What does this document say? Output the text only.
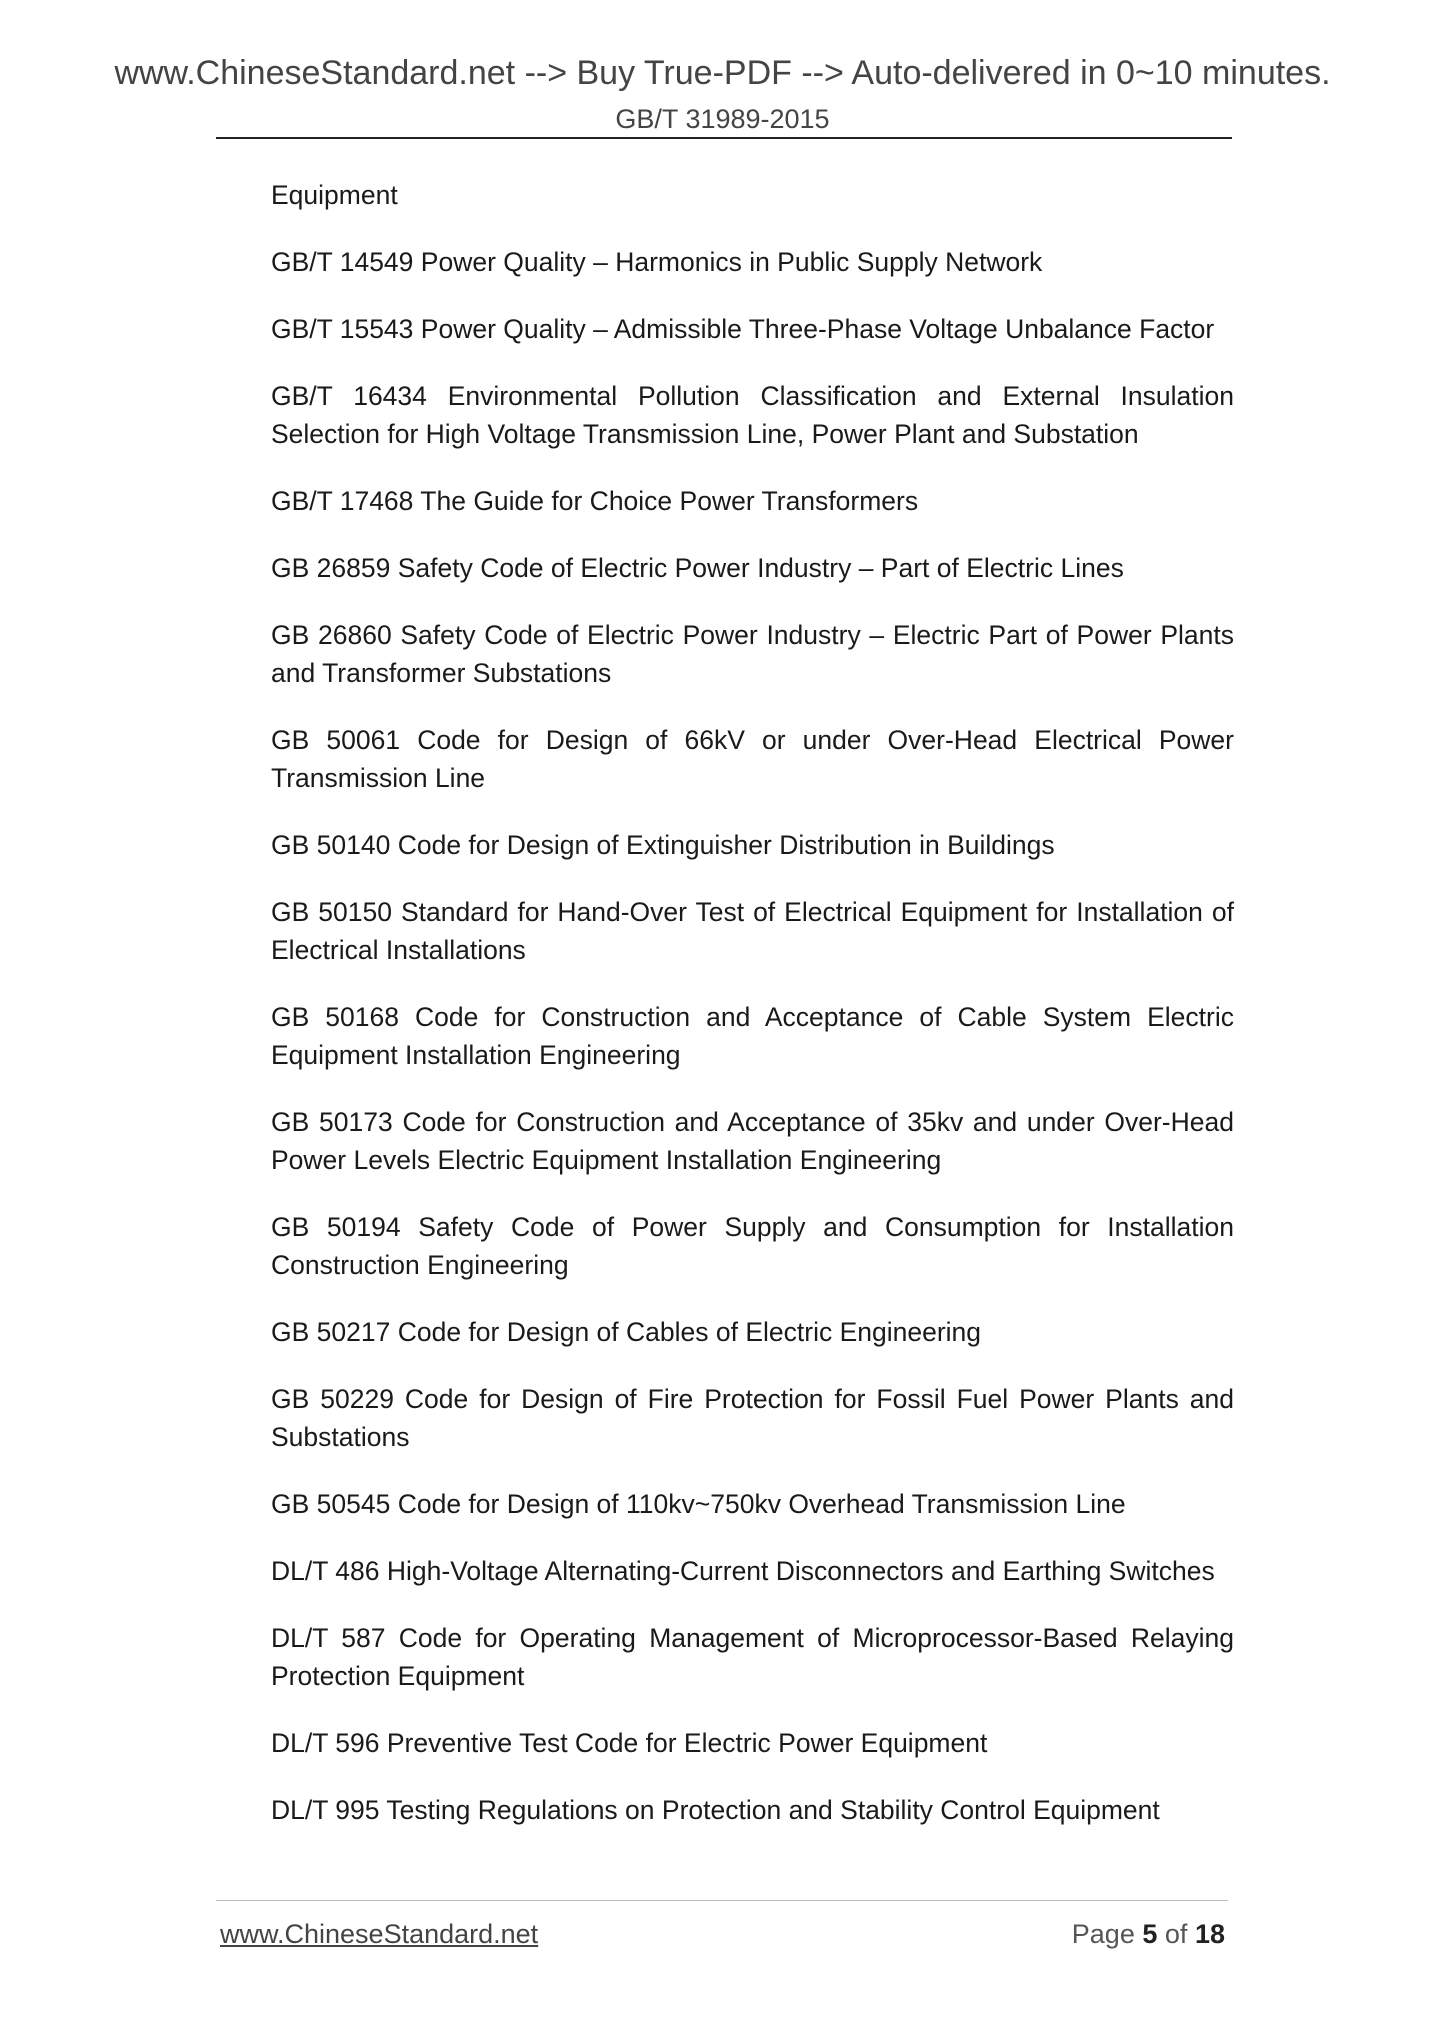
www.ChineseStandard.net --> Buy True-PDF --> Auto-delivered in 0~10 minutes.
GB/T 31989-2015

Equipment

GB/T 14549 Power Quality – Harmonics in Public Supply Network

GB/T 15543 Power Quality – Admissible Three-Phase Voltage Unbalance Factor

GB/T 16434 Environmental Pollution Classification and External Insulation Selection for High Voltage Transmission Line, Power Plant and Substation

GB/T 17468 The Guide for Choice Power Transformers

GB 26859 Safety Code of Electric Power Industry – Part of Electric Lines

GB 26860 Safety Code of Electric Power Industry – Electric Part of Power Plants and Transformer Substations

GB 50061 Code for Design of 66kV or under Over-Head Electrical Power Transmission Line

GB 50140 Code for Design of Extinguisher Distribution in Buildings

GB 50150 Standard for Hand-Over Test of Electrical Equipment for Installation of Electrical Installations

GB 50168 Code for Construction and Acceptance of Cable System Electric Equipment Installation Engineering

GB 50173 Code for Construction and Acceptance of 35kv and under Over-Head Power Levels Electric Equipment Installation Engineering

GB 50194 Safety Code of Power Supply and Consumption for Installation Construction Engineering

GB 50217 Code for Design of Cables of Electric Engineering

GB 50229 Code for Design of Fire Protection for Fossil Fuel Power Plants and Substations

GB 50545 Code for Design of 110kv~750kv Overhead Transmission Line

DL/T 486 High-Voltage Alternating-Current Disconnectors and Earthing Switches

DL/T 587 Code for Operating Management of Microprocessor-Based Relaying Protection Equipment

DL/T 596 Preventive Test Code for Electric Power Equipment

DL/T 995 Testing Regulations on Protection and Stability Control Equipment

www.ChineseStandard.net	Page 5 of 18
